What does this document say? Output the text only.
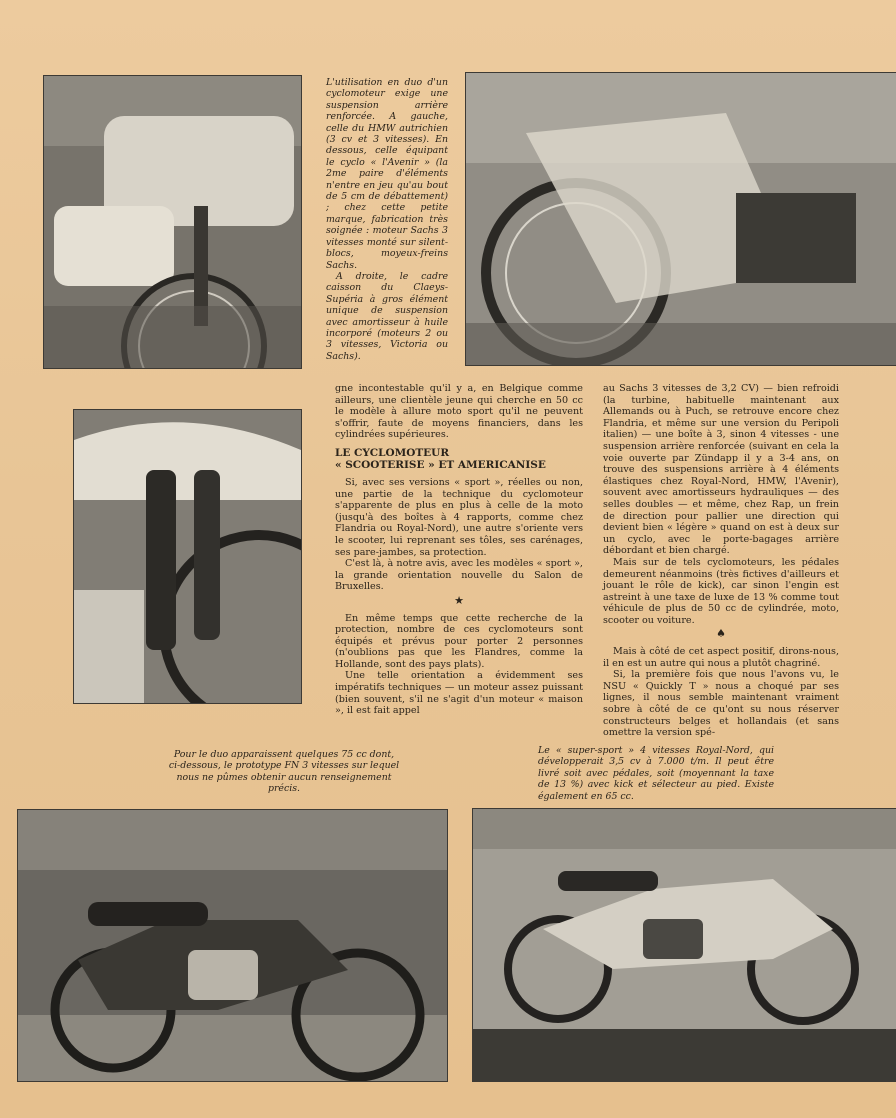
L'utilisation en duo d'un cyclomoteur exige une suspension arrière renforcée. A gauche, celle du HMW autrichien (3 cv et 3 vitesses). En dessous, celle équipant le cyclo « l'Avenir » (la 2me paire d'éléments n'entre en jeu qu'au bout de 5 cm de débattement) ; chez cette petite marque, fabrication très soignée : moteur Sachs 3 vitesses monté sur silent-blocs, moyeux-freins Sachs.

A droite, le cadre caisson du Claeys-Supéria à gros élément unique de suspension avec amortisseur à huile incorporé (moteurs 2 ou 3 vitesses, Victoria ou Sachs).

gne incontestable qu'il y a, en Belgique comme ailleurs, une clientèle jeune qui cherche en 50 cc le modèle à allure moto sport qu'il ne peuvent s'offrir, faute de moyens financiers, dans les cylindrées supérieures.

LE CYCLOMOTEUR
« SCOOTERISE » ET AMERICANISE

Si, avec ses versions « sport », réelles ou non, une partie de la technique du cyclomoteur s'apparente de plus en plus à celle de la moto (jusqu'à des boîtes à 4 rapports, comme chez Flandria ou Royal-Nord), une autre s'oriente vers le scooter, lui reprenant ses tôles, ses carénages, ses pare-jambes, sa protection.

C'est là, à notre avis, avec les modèles « sport », la grande orientation nouvelle du Salon de Bruxelles.

★

En même temps que cette recherche de la protection, nombre de ces cyclomoteurs sont équipés et prévus pour porter 2 personnes (n'oublions pas que les Flandres, comme la Hollande, sont des pays plats).

Une telle orientation a évidemment ses impératifs techniques — un moteur assez puissant (bien souvent, s'il ne s'agit d'un moteur « maison », il est fait appel

au Sachs 3 vitesses de 3,2 CV) — bien refroidi (la turbine, habituelle maintenant aux Allemands ou à Puch, se retrouve encore chez Flandria, et même sur une version du Peripoli italien) — une boîte à 3, sinon 4 vitesses - une suspension arrière renforcée (suivant en cela la voie ouverte par Zündapp il y a 3-4 ans, on trouve des suspensions arrière à 4 éléments élastiques chez Royal-Nord, HMW, l'Avenir), souvent avec amortisseurs hydrauliques — des selles doubles — et même, chez Rap, un frein de direction pour pallier une direction qui devient bien « légère » quand on est à deux sur un cyclo, avec le porte-bagages arrière débordant et bien chargé.

Mais sur de tels cyclomoteurs, les pédales demeurent néanmoins (très fictives d'ailleurs et jouant le rôle de kick), car sinon l'engin est astreint à une taxe de luxe de 13 % comme tout véhicule de plus de 50 cc de cylindrée, moto, scooter ou voiture.

♠

Mais à côté de cet aspect positif, dirons-nous, il en est un autre qui nous a plutôt chagriné.

Si, la première fois que nous l'avons vu, le NSU « Quickly T » nous a choqué par ses lignes, il nous semble maintenant vraiment sobre à côté de ce qu'ont su nous réserver constructeurs belges et hollandais (et sans omettre la version spé-

Pour le duo apparaissent quelques 75 cc dont, ci-dessous, le prototype FN 3 vitesses sur lequel nous ne pûmes obtenir aucun renseignement précis.

Le « super-sport » 4 vitesses Royal-Nord, qui développerait 3,5 cv à 7.000 t/m. Il peut être livré soit avec pédales, soit (moyennant la taxe de 13 %) avec kick et sélecteur au pied. Existe également en 65 cc.
